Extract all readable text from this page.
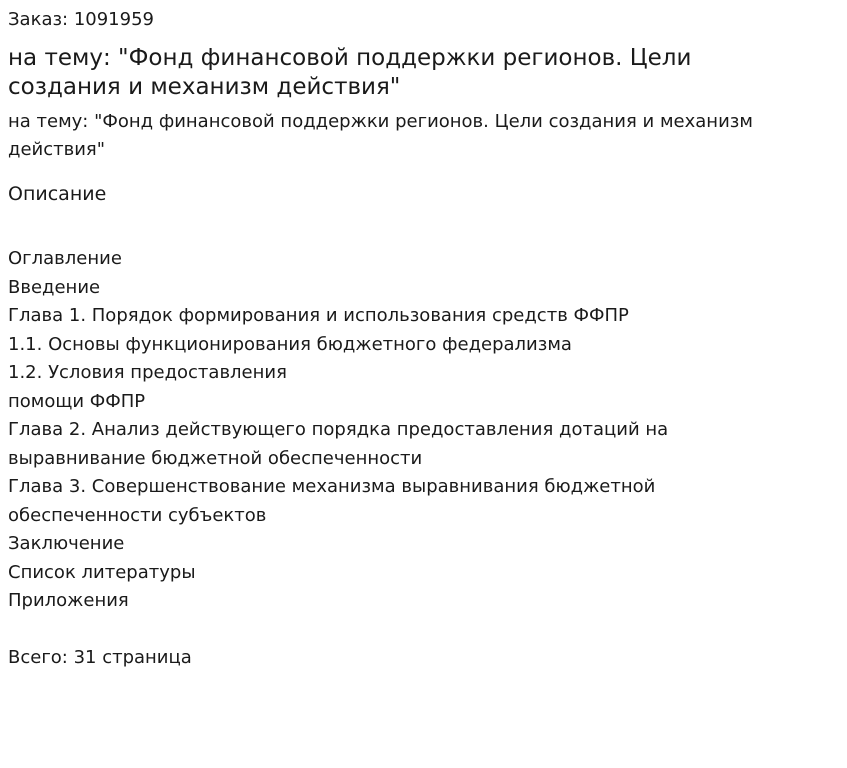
Заказ: 1091959

на тему: "Фонд финансовой поддержки регионов. Цели создания и механизм действия"

на тему: "Фонд финансовой поддержки регионов. Цели создания и механизм действия"

Описание

Оглавление
Введение
Глава 1. Порядок формирования и использования средств ФФПР
1.1. Основы функционирования бюджетного федерализма
1.2. Условия предоставления
помощи ФФПР
Глава 2. Анализ действующего порядка предоставления дотаций на выравнивание бюджетной обеспеченности
Глава 3. Совершенствование механизма выравнивания бюджетной обеспеченности субъектов
Заключение
Список литературы
Приложения

Всего: 31 страница
